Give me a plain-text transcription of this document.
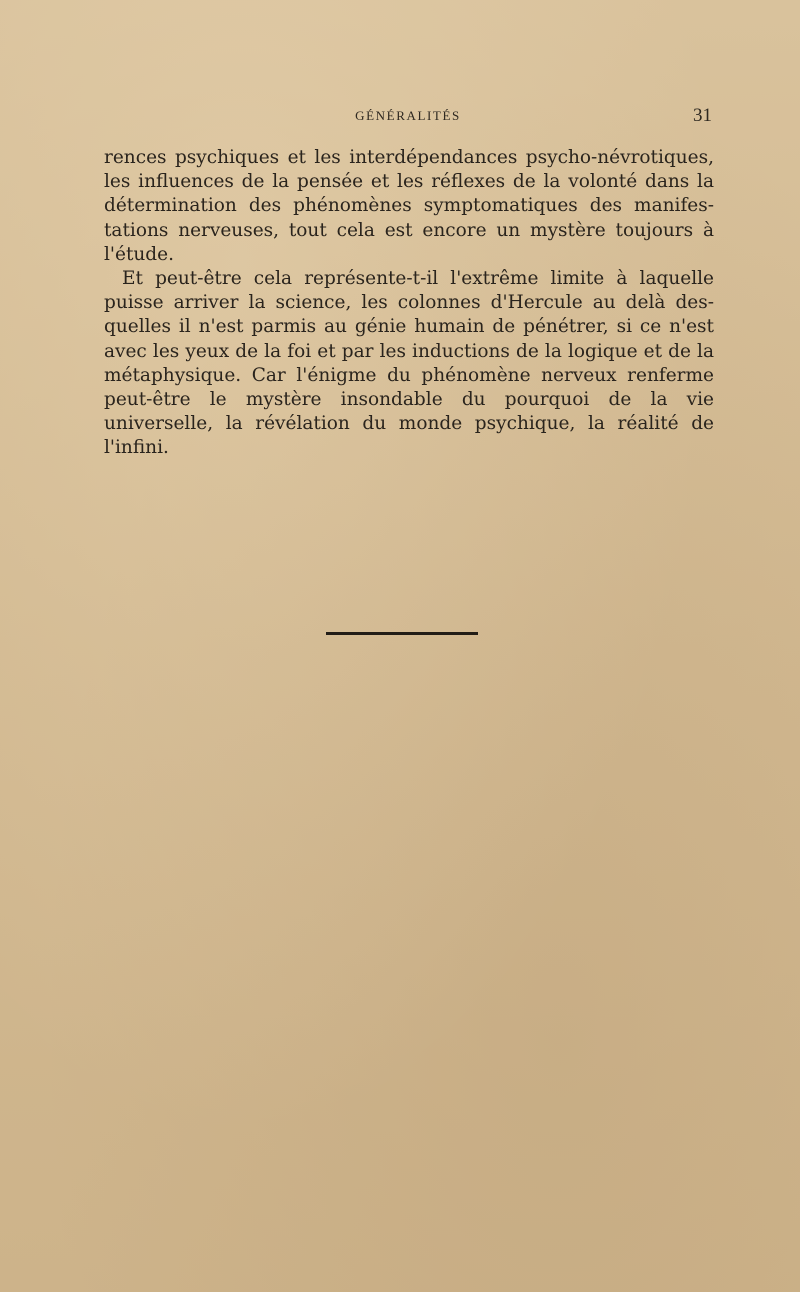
GÉNÉRALITÉS	31

rences psychiques et les interdépendances psycho-névrotiques, les influences de la pensée et les réflexes de la volonté dans la détermination des phénomènes symptomatiques des manifes-tations nerveuses, tout cela est encore un mystère toujours à l'étude.

Et peut-être cela représente-t-il l'extrême limite à laquelle puisse arriver la science, les colonnes d'Hercule au delà des-quelles il n'est parmis au génie humain de pénétrer, si ce n'est avec les yeux de la foi et par les inductions de la logique et de la métaphysique. Car l'énigme du phénomène nerveux renferme peut-être le mystère insondable du pourquoi de la vie universelle, la révélation du monde psychique, la réalité de l'infini.
